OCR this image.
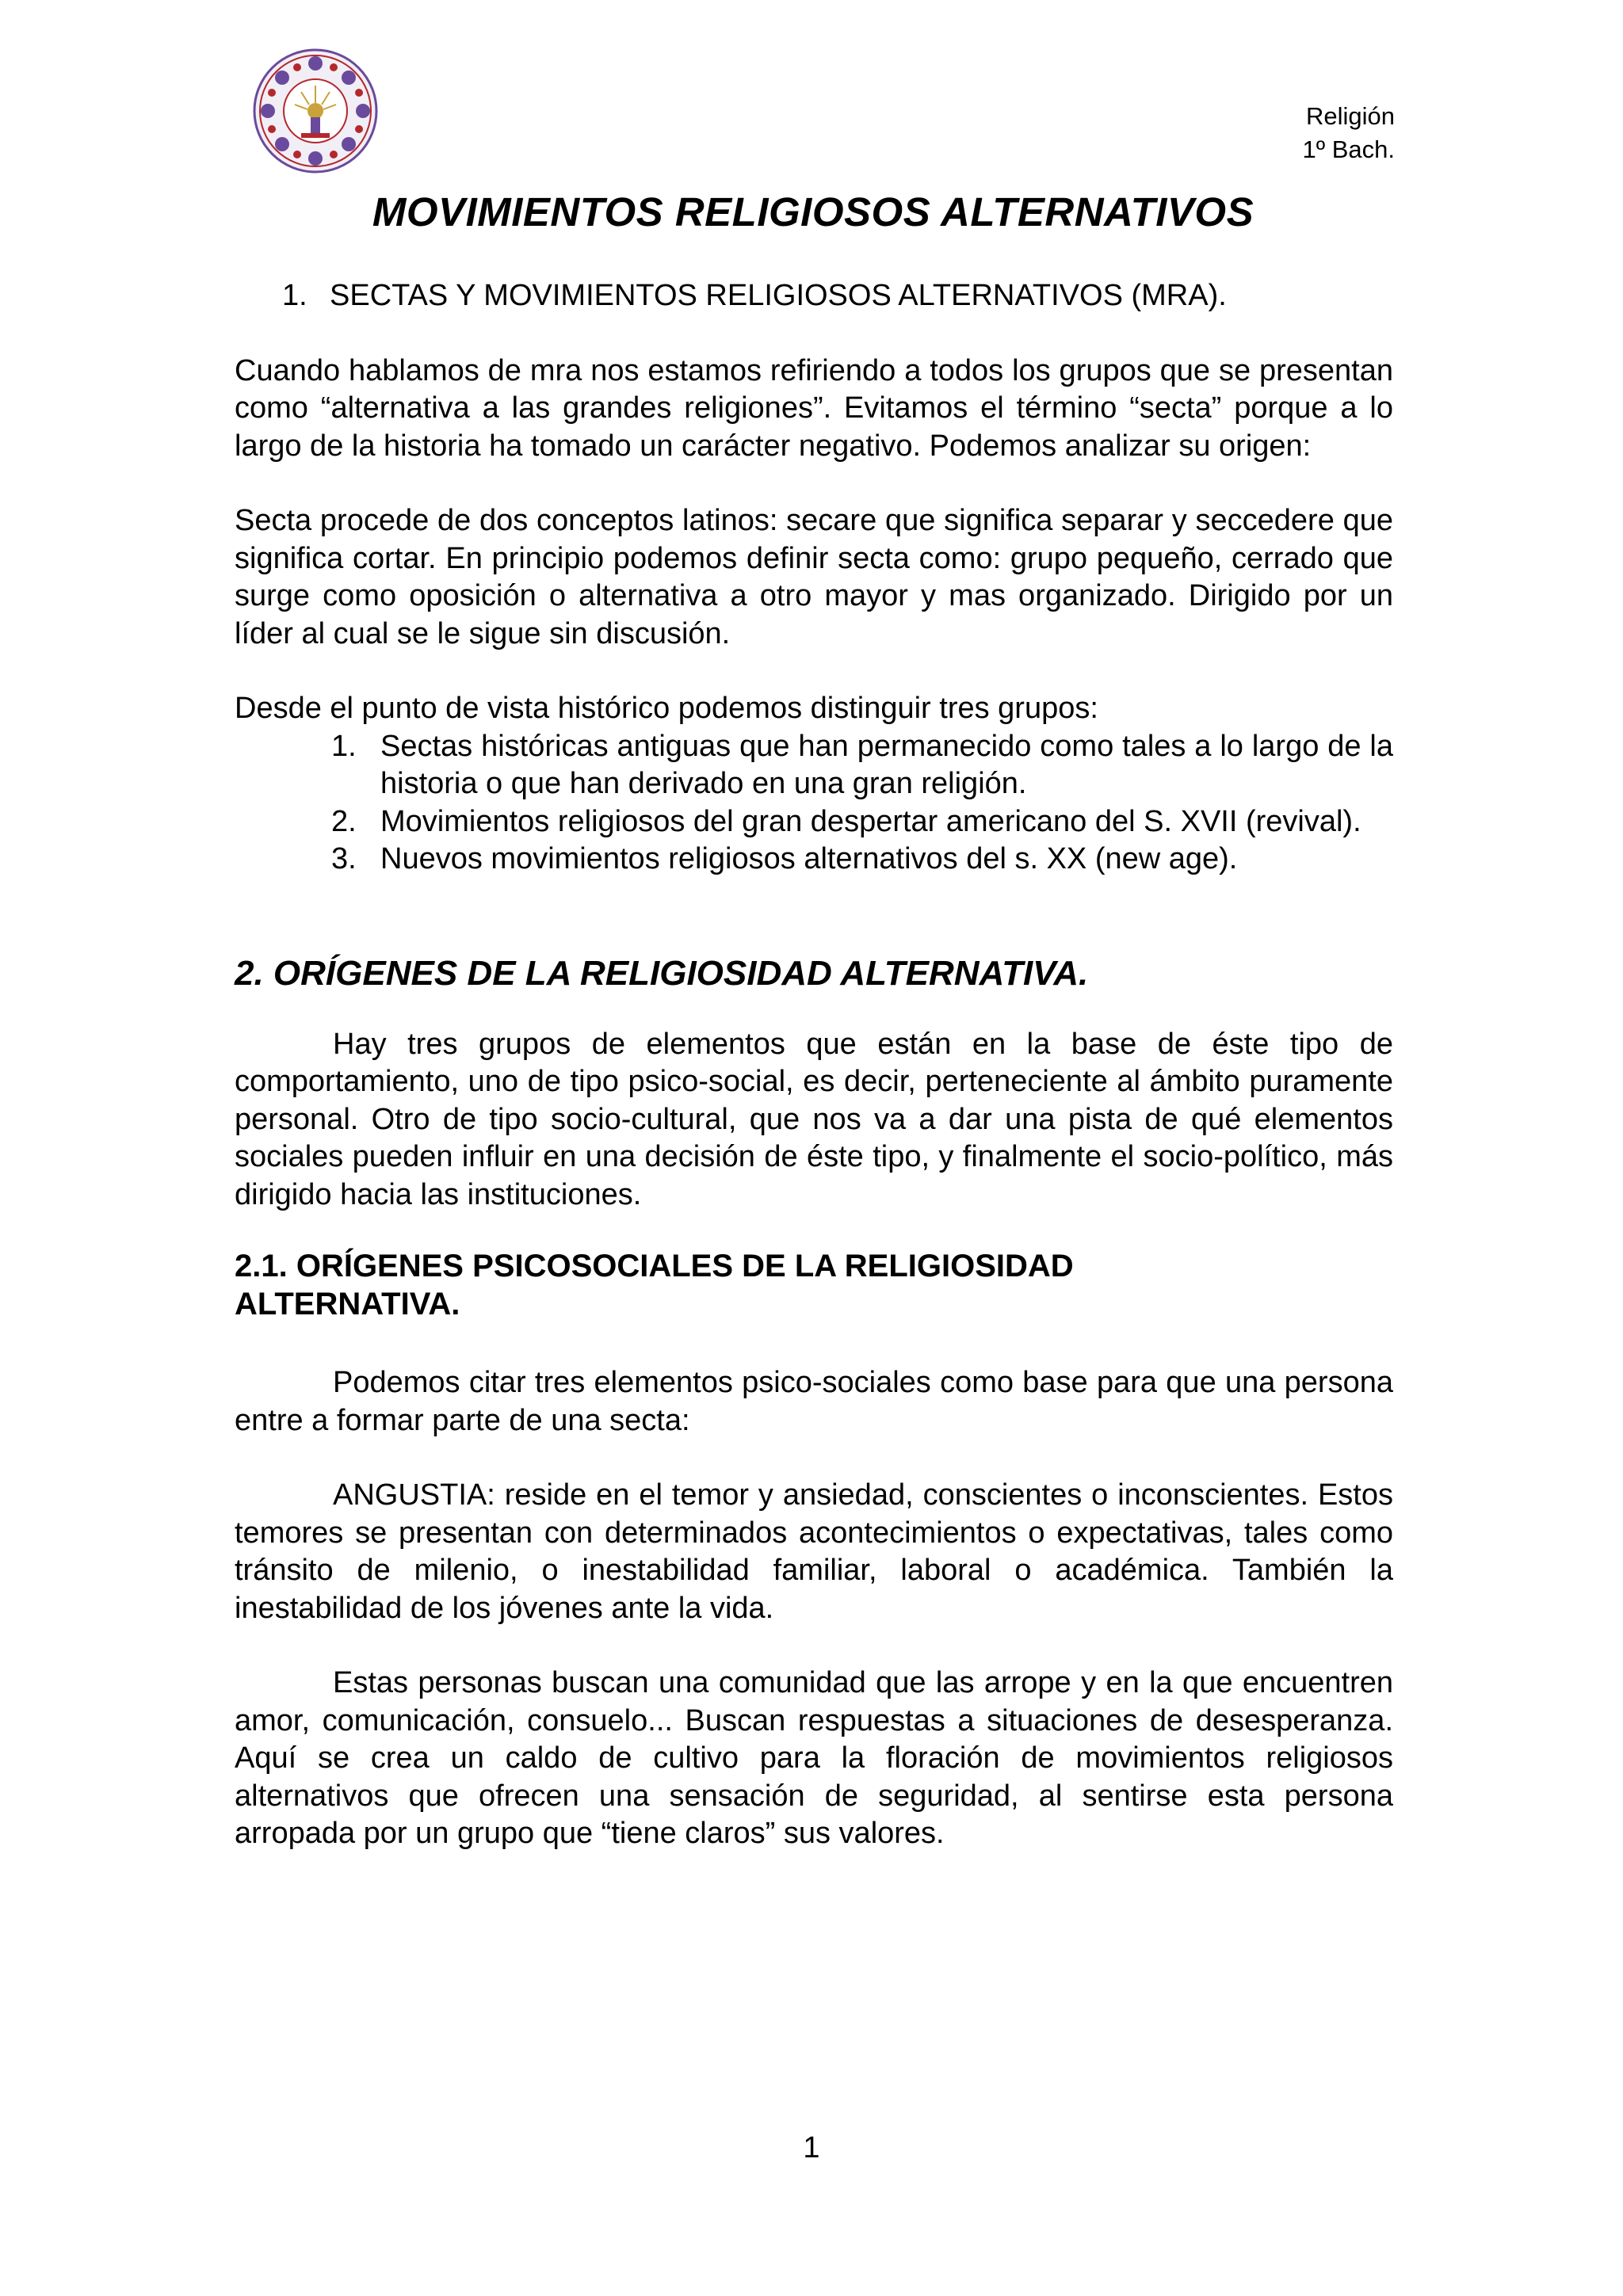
Religión
1º Bach.
MOVIMIENTOS RELIGIOSOS ALTERNATIVOS
1. SECTAS Y MOVIMIENTOS RELIGIOSOS ALTERNATIVOS (MRA).

Cuando hablamos de mra nos estamos refiriendo a todos los grupos que se presentan como “alternativa a las grandes religiones”. Evitamos el término “secta” porque a lo largo de la historia ha tomado un carácter negativo. Podemos analizar su origen:

Secta procede de dos conceptos latinos: secare que significa separar y seccedere que significa cortar. En principio podemos definir secta como: grupo pequeño, cerrado que surge como oposición o alternativa a otro mayor y mas organizado. Dirigido por un líder al cual se le sigue sin discusión.

Desde el punto de vista histórico podemos distinguir tres grupos:

1. Sectas históricas antiguas que han permanecido como tales a lo largo de la historia o que han derivado en una gran religión.
2. Movimientos religiosos del gran despertar americano del S. XVII (revival).
3. Nuevos movimientos religiosos alternativos del s. XX (new age).
2. ORÍGENES DE LA RELIGIOSIDAD ALTERNATIVA.

Hay tres grupos de elementos que están en la base de éste tipo de comportamiento, uno de tipo psico-social, es decir, perteneciente al ámbito puramente personal. Otro de tipo socio-cultural, que nos va a dar una pista de qué elementos sociales pueden influir en una decisión de éste tipo, y finalmente el socio-político, más dirigido hacia las instituciones.

2.1. ORÍGENES PSICOSOCIALES DE LA RELIGIOSIDAD
ALTERNATIVA.

Podemos citar tres elementos psico-sociales como base para que una persona entre a formar parte de una secta:

ANGUSTIA: reside en el temor y ansiedad, conscientes o inconscientes. Estos temores se presentan con determinados acontecimientos o expectativas, tales como tránsito de milenio, o inestabilidad familiar, laboral o académica. También la inestabilidad de los jóvenes ante la vida.

Estas personas buscan una comunidad que las arrope y en la que encuentren amor, comunicación, consuelo... Buscan respuestas a situaciones de desesperanza. Aquí se crea un caldo de cultivo para la floración de movimientos religiosos alternativos que ofrecen una sensación de seguridad, al sentirse esta persona arropada por un grupo que “tiene claros” sus valores.

1
